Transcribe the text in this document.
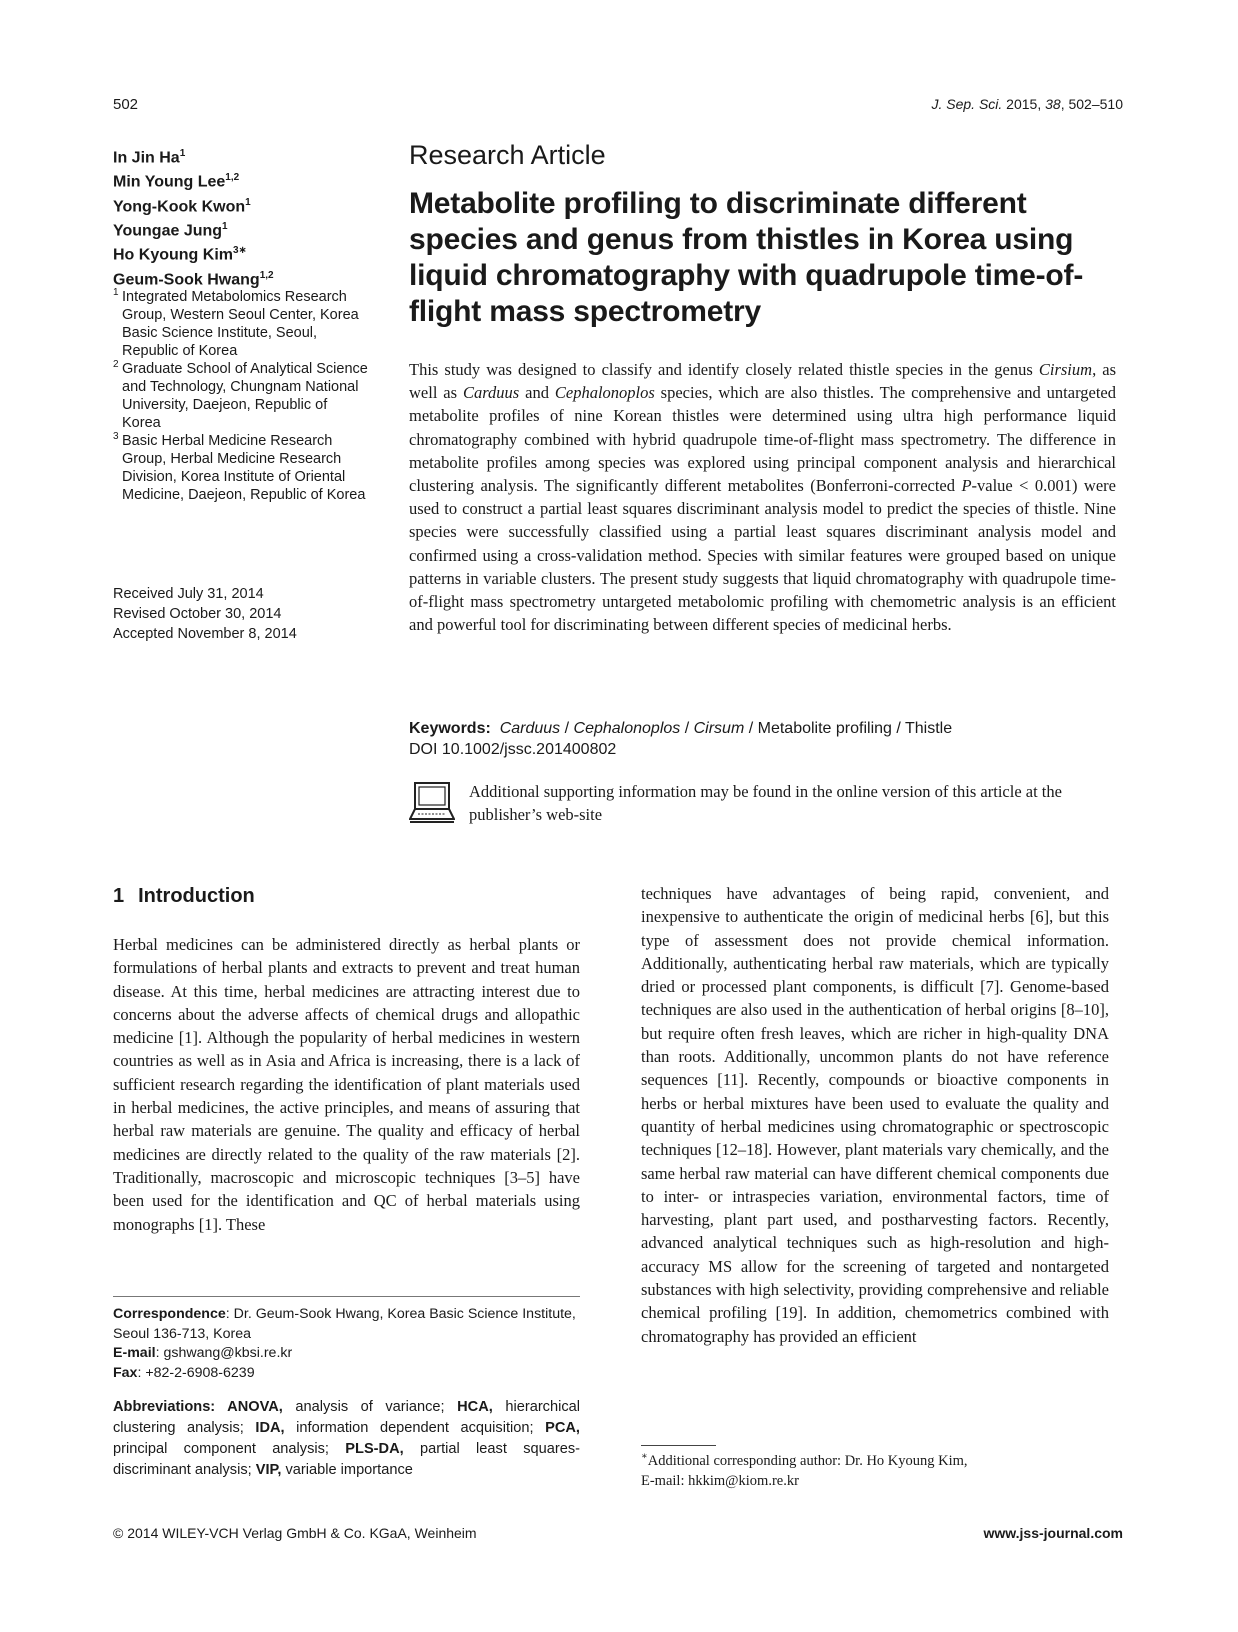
502	J. Sep. Sci. 2015, 38, 502–510
In Jin Ha$^1$
Min Young Lee$^{1,2}$
Yong-Kook Kwon$^1$
Youngae Jung$^1$
Ho Kyoung Kim$^{3∗}$
Geum-Sook Hwang$^{1,2}$
1 Integrated Metabolomics Research Group, Western Seoul Center, Korea Basic Science Institute, Seoul, Republic of Korea
2 Graduate School of Analytical Science and Technology, Chungnam National University, Daejeon, Republic of Korea
3 Basic Herbal Medicine Research Group, Herbal Medicine Research Division, Korea Institute of Oriental Medicine, Daejeon, Republic of Korea
Received July 31, 2014
Revised October 30, 2014
Accepted November 8, 2014
Research Article
Metabolite profiling to discriminate different species and genus from thistles in Korea using liquid chromatography with quadrupole time-of-flight mass spectrometry
This study was designed to classify and identify closely related thistle species in the genus Cirsium, as well as Carduus and Cephalonoplos species, which are also thistles. The comprehensive and untargeted metabolite profiles of nine Korean thistles were determined using ultra high performance liquid chromatography combined with hybrid quadrupole time-of-flight mass spectrometry. The difference in metabolite profiles among species was explored using principal component analysis and hierarchical clustering analysis. The significantly different metabolites (Bonferroni-corrected P-value < 0.001) were used to construct a partial least squares discriminant analysis model to predict the species of thistle. Nine species were successfully classified using a partial least squares discriminant analysis model and confirmed using a cross-validation method. Species with similar features were grouped based on unique patterns in variable clusters. The present study suggests that liquid chromatography with quadrupole time-of-flight mass spectrometry untargeted metabolomic profiling with chemometric analysis is an efficient and powerful tool for discriminating between different species of medicinal herbs.
Keywords: Carduus / Cephalonoplos / Cirsum / Metabolite profiling / Thistle
DOI 10.1002/jssc.201400802
Additional supporting information may be found in the online version of this article at the publisher’s web-site
1 Introduction
Herbal medicines can be administered directly as herbal plants or formulations of herbal plants and extracts to prevent and treat human disease. At this time, herbal medicines are attracting interest due to concerns about the adverse affects of chemical drugs and allopathic medicine [1]. Although the popularity of herbal medicines in western countries as well as in Asia and Africa is increasing, there is a lack of sufficient research regarding the identification of plant materials used in herbal medicines, the active principles, and means of assuring that herbal raw materials are genuine. The quality and efficacy of herbal medicines are directly related to the quality of the raw materials [2]. Traditionally, macroscopic and microscopic techniques [3–5] have been used for the identification and QC of herbal materials using monographs [1]. These
techniques have advantages of being rapid, convenient, and inexpensive to authenticate the origin of medicinal herbs [6], but this type of assessment does not provide chemical information. Additionally, authenticating herbal raw materials, which are typically dried or processed plant components, is difficult [7]. Genome-based techniques are also used in the authentication of herbal origins [8–10], but require often fresh leaves, which are richer in high-quality DNA than roots. Additionally, uncommon plants do not have reference sequences [11]. Recently, compounds or bioactive components in herbs or herbal mixtures have been used to evaluate the quality and quantity of herbal medicines using chromatographic or spectroscopic techniques [12–18]. However, plant materials vary chemically, and the same herbal raw material can have different chemical components due to inter- or intraspecies variation, environmental factors, time of harvesting, plant part used, and postharvesting factors. Recently, advanced analytical techniques such as high-resolution and high-accuracy MS allow for the screening of targeted and nontargeted substances with high selectivity, providing comprehensive and reliable chemical profiling [19]. In addition, chemometrics combined with chromatography has provided an efficient
Correspondence: Dr. Geum-Sook Hwang, Korea Basic Science Institute, Seoul 136-713, Korea
E-mail: gshwang@kbsi.re.kr
Fax: +82-2-6908-6239
Abbreviations: ANOVA, analysis of variance; HCA, hierarchical clustering analysis; IDA, information dependent acquisition; PCA, principal component analysis; PLS-DA, partial least squares-discriminant analysis; VIP, variable importance
∗Additional corresponding author: Dr. Ho Kyoung Kim,
E-mail: hkkim@kiom.re.kr
© 2014 WILEY-VCH Verlag GmbH & Co. KGaA, Weinheim	www.jss-journal.com
